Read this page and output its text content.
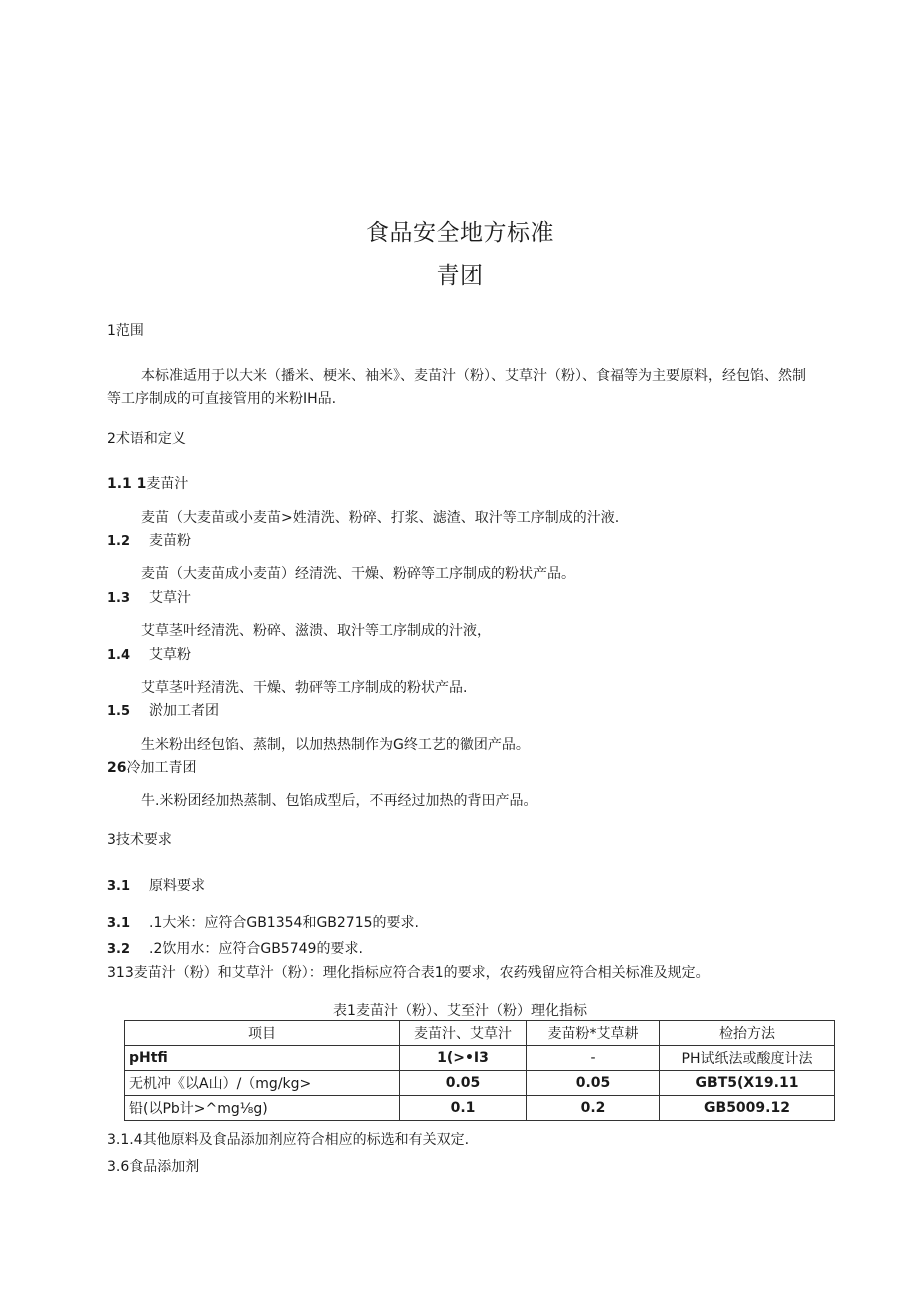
食品安全地方标准
青团
1范围
本标准适用于以大米（播米、梗米、袖米》、麦苗汁（粉）、艾草汁（粉）、食福等为主要原料，经包馅、然制
等工序制成的可直接管用的米粉IH品.
2术语和定义
1.1 1麦苗汁
麦苗（大麦苗或小麦苗>姓清洗、粉碎、打浆、滤渣、取汁等工序制成的汁液.
1.2 麦苗粉
麦苗（大麦苗成小麦苗）经清洗、干燥、粉碎等工序制成的粉状产品。
1.3 艾草汁
艾草茎叶经清洗、粉碎、滋溃、取汁等工序制成的汁液，
1.4 艾草粉
艾草茎叶羟清洗、干燥、勃砰等工序制成的粉状产品.
1.5 淤加工者团
生米粉出经包馅、蒸制，以加热热制作为G终工艺的徽团产品。
26冷加工青团
牛.米粉团经加热蒸制、包馅成型后，不再经过加热的背田产品。
3技术要求
3.1 原料要求
3.1 .1大米：应符合GB1354和GB2715的要求.
3.2 .2饮用水：应符合GB5749的要求.
313麦苗汁（粉）和艾草汁（粉）：理化指标应符合表1的要求，农药残留应符合相关标准及规定。
表1麦苗汁（粉）、艾至汁（粉）理化指标
项目	麦苗汁、艾草汁	麦苗粉*艾草耕	检抬方法
pHtfi	1(>•I3	-	PH试纸法或酸度计法
无机冲《以A山）/（mg/kg>	0.05	0.05	GBT5(X19.11
铅(以Pb计>^mg⅛g)	0.1	0.2	GB5009.12
3.1.4其他原料及食品添加剂应符合相应的标选和有关双定.
3.6食品添加剂
